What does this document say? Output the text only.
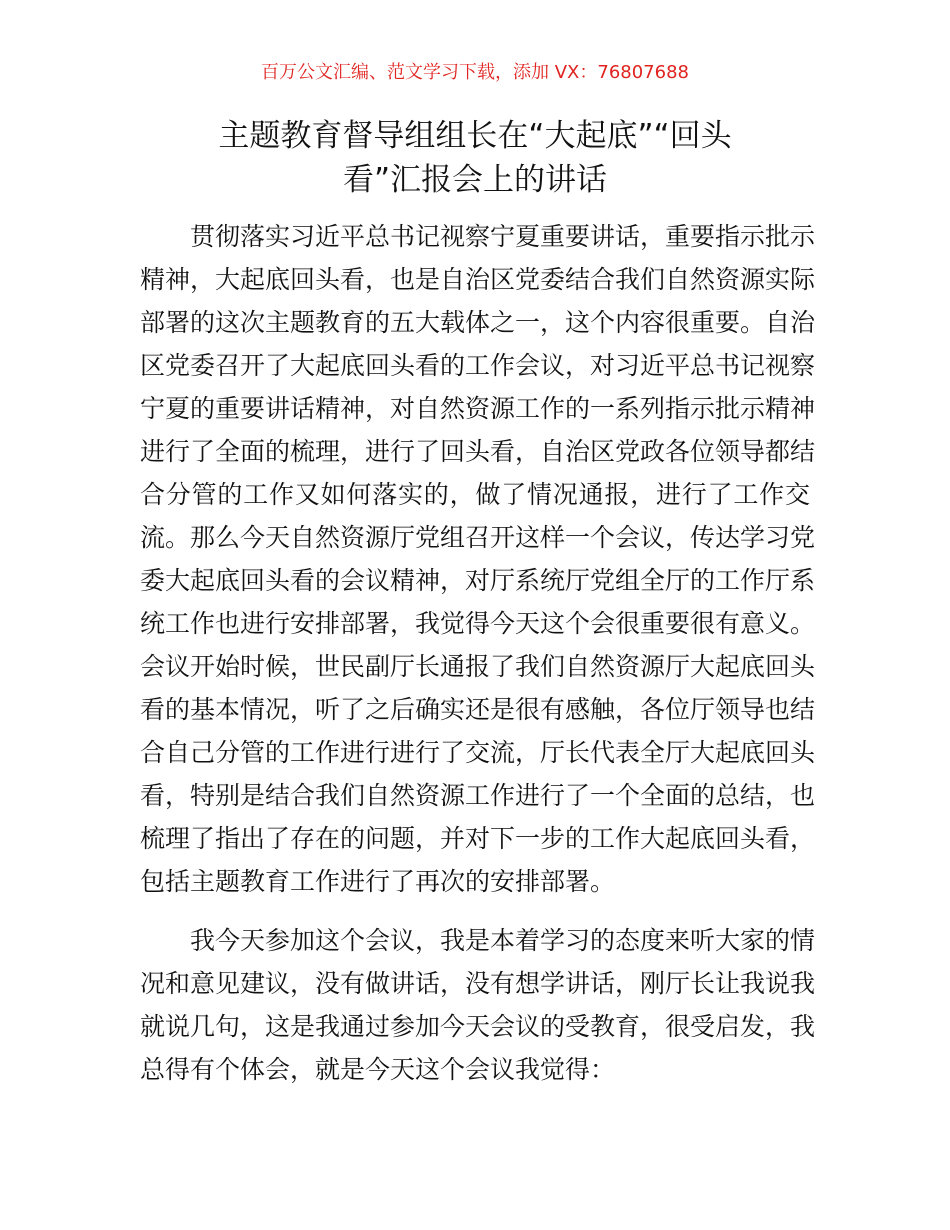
百万公文汇编、范文学习下载，添加 VX：76807688
主题教育督导组组长在“大起底”“回头
看”汇报会上的讲话
贯彻落实习近平总书记视察宁夏重要讲话，重要指示批示
精神，大起底回头看，也是自治区党委结合我们自然资源实际
部署的这次主题教育的五大载体之一，这个内容很重要。自治
区党委召开了大起底回头看的工作会议，对习近平总书记视察
宁夏的重要讲话精神，对自然资源工作的一系列指示批示精神
进行了全面的梳理，进行了回头看，自治区党政各位领导都结
合分管的工作又如何落实的，做了情况通报，进行了工作交
流。那么今天自然资源厅党组召开这样一个会议，传达学习党
委大起底回头看的会议精神，对厅系统厅党组全厅的工作厅系
统工作也进行安排部署，我觉得今天这个会很重要很有意义。
会议开始时候，世民副厅长通报了我们自然资源厅大起底回头
看的基本情况，听了之后确实还是很有感触，各位厅领导也结
合自己分管的工作进行进行了交流，厅长代表全厅大起底回头
看，特别是结合我们自然资源工作进行了一个全面的总结，也
梳理了指出了存在的问题，并对下一步的工作大起底回头看，
包括主题教育工作进行了再次的安排部署。
我今天参加这个会议，我是本着学习的态度来听大家的情
况和意见建议，没有做讲话，没有想学讲话，刚厅长让我说我
就说几句，这是我通过参加今天会议的受教育，很受启发，我
总得有个体会，就是今天这个会议我觉得：
